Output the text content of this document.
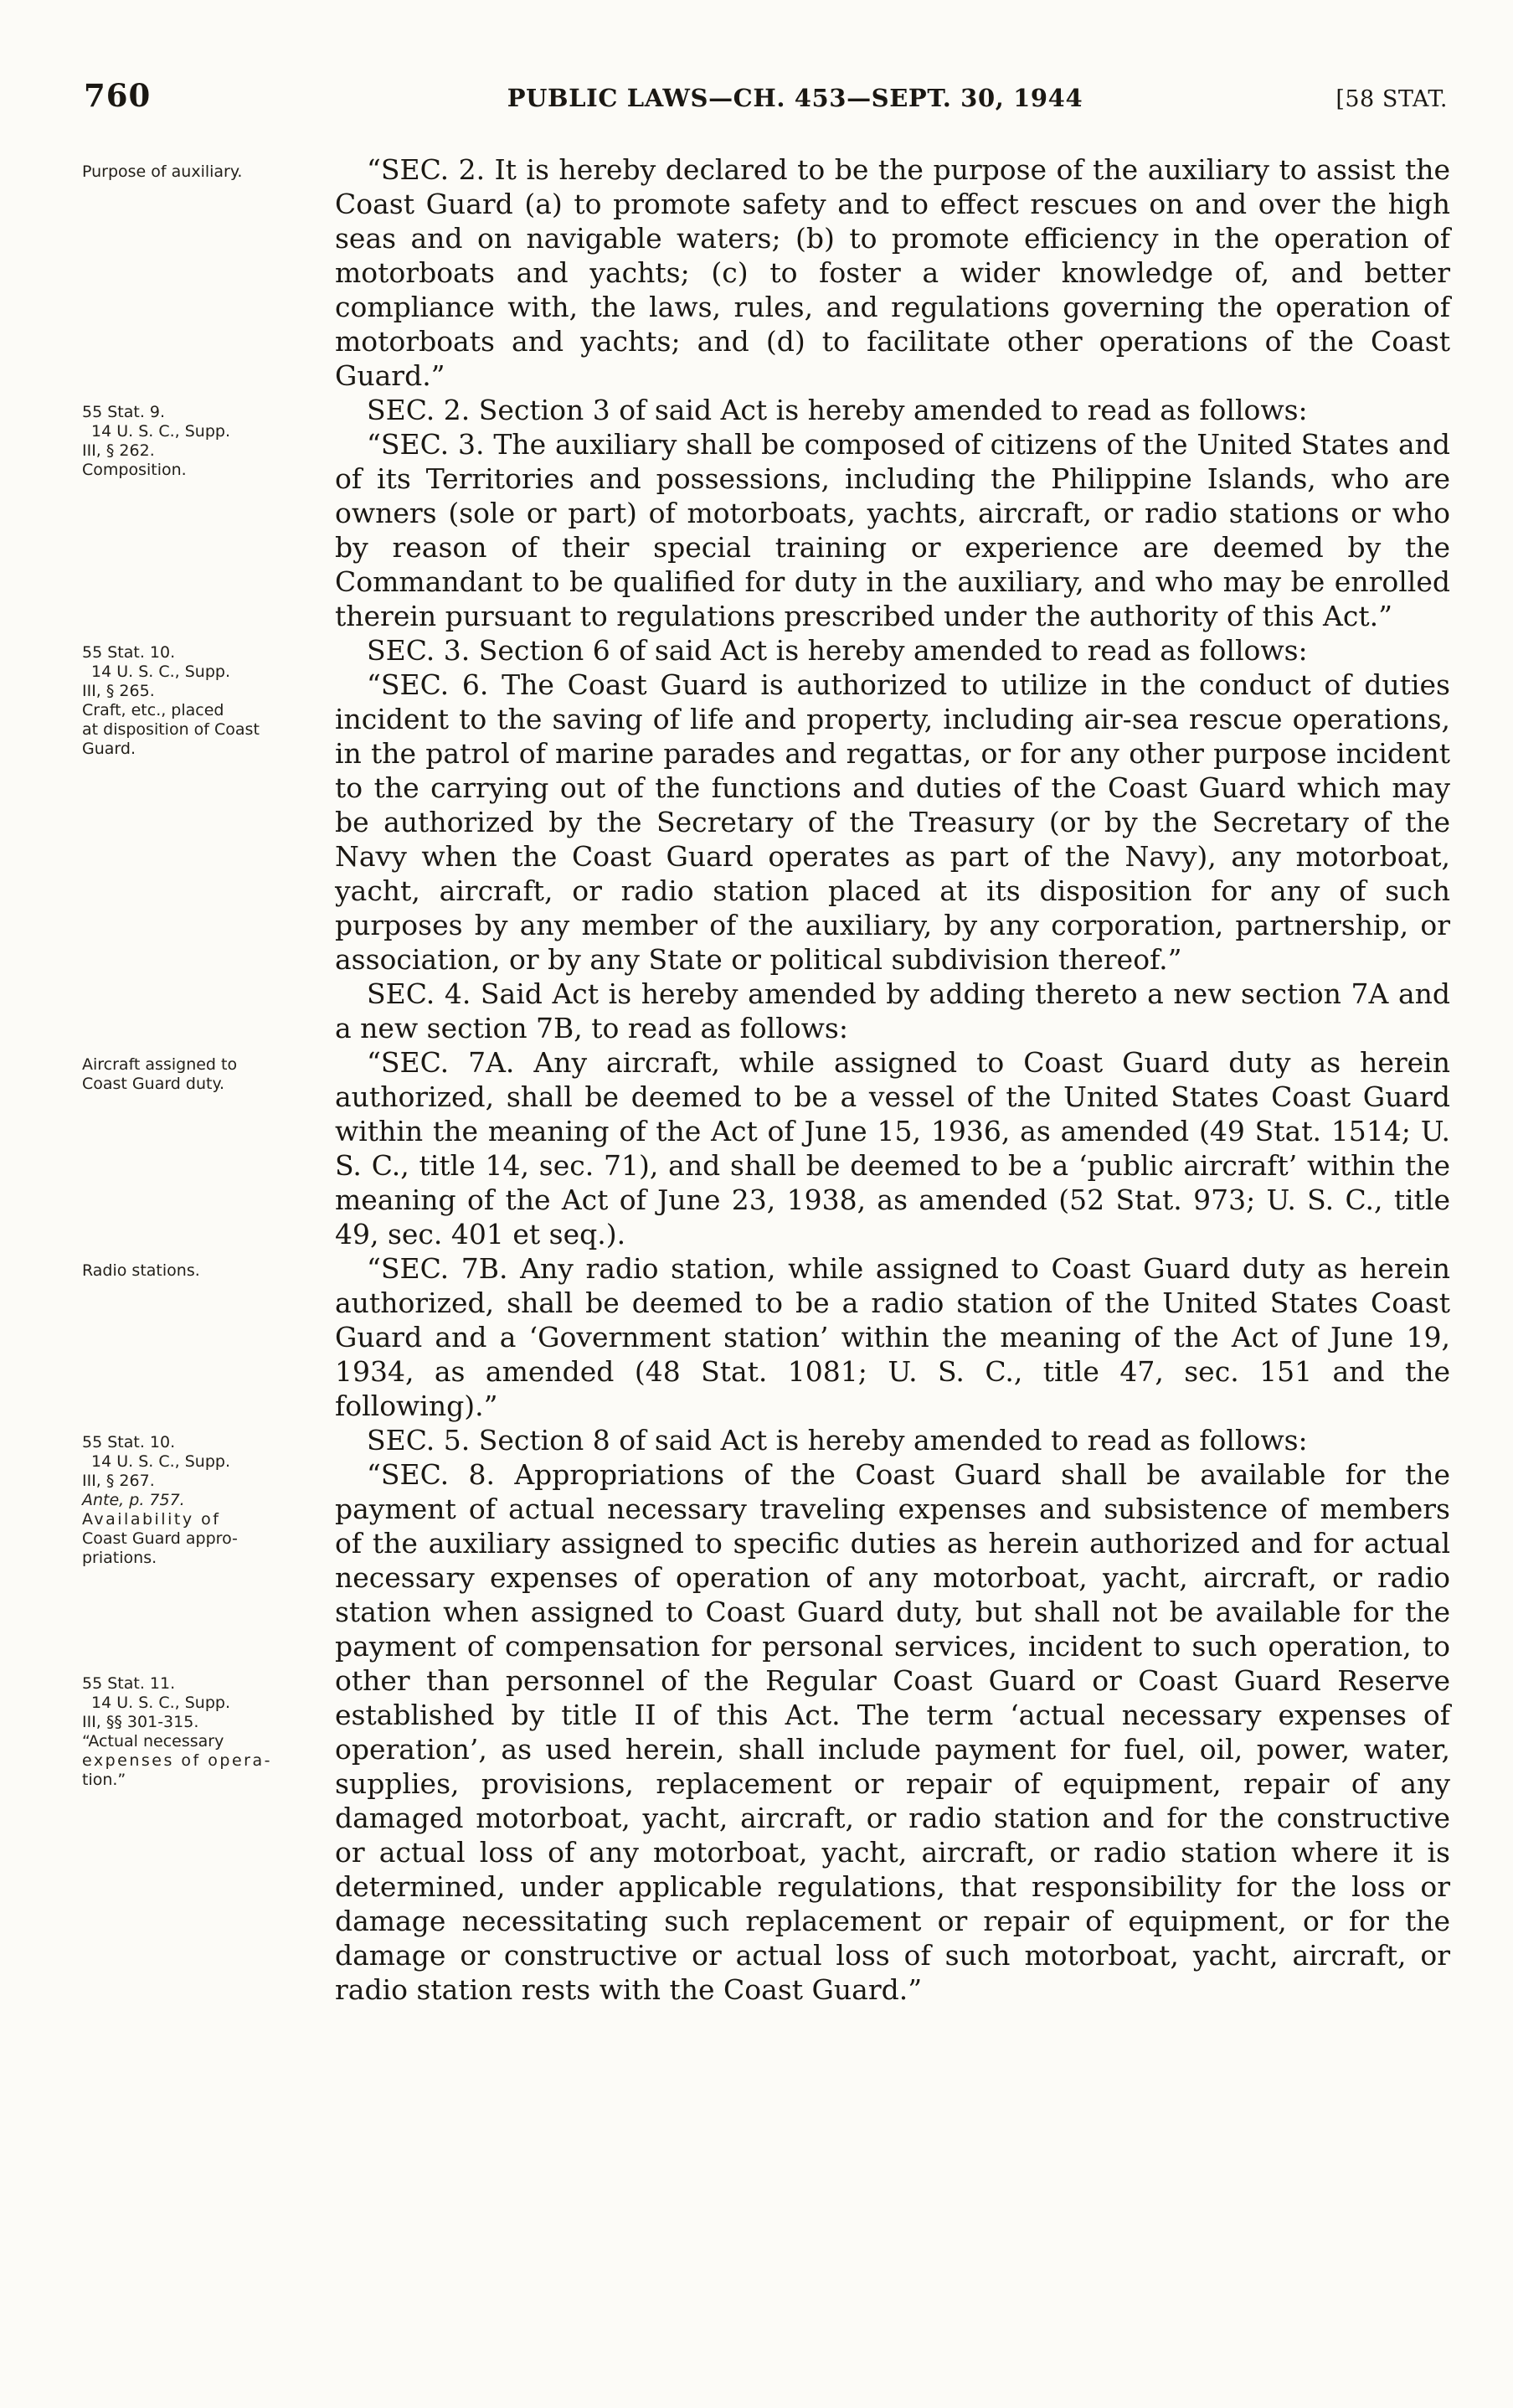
760	PUBLIC LAWS—CH. 453—SEPT. 30, 1944	[58 STAT.
Purpose of auxiliary.	“SEC. 2. It is hereby declared to be the purpose of the auxiliary to assist the Coast Guard (a) to promote safety and to effect rescues on and over the high seas and on navigable waters; (b) to promote efficiency in the operation of motorboats and yachts; (c) to foster a wider knowledge of, and better compliance with, the laws, rules, and regulations governing the operation of motorboats and yachts; and (d) to facilitate other operations of the Coast Guard.”

55 Stat. 9.
14 U. S. C., Supp.
III, § 262.
Composition.

SEC. 2. Section 3 of said Act is hereby amended to read as follows:

“SEC. 3. The auxiliary shall be composed of citizens of the United States and of its Territories and possessions, including the Philippine Islands, who are owners (sole or part) of motorboats, yachts, aircraft, or radio stations or who by reason of their special training or experience are deemed by the Commandant to be qualified for duty in the auxiliary, and who may be enrolled therein pursuant to regulations prescribed under the authority of this Act.”

55 Stat. 10.
14 U. S. C., Supp.
III, § 265.
Craft, etc., placed
at disposition of Coast
Guard.

SEC. 3. Section 6 of said Act is hereby amended to read as follows:

“SEC. 6. The Coast Guard is authorized to utilize in the conduct of duties incident to the saving of life and property, including air-sea rescue operations, in the patrol of marine parades and regattas, or for any other purpose incident to the carrying out of the functions and duties of the Coast Guard which may be authorized by the Secretary of the Treasury (or by the Secretary of the Navy when the Coast Guard operates as part of the Navy), any motorboat, yacht, aircraft, or radio station placed at its disposition for any of such purposes by any member of the auxiliary, by any corporation, partnership, or association, or by any State or political subdivision thereof.”

SEC. 4. Said Act is hereby amended by adding thereto a new section 7A and a new section 7B, to read as follows:

Aircraft assigned to
Coast Guard duty.

“SEC. 7A. Any aircraft, while assigned to Coast Guard duty as herein authorized, shall be deemed to be a vessel of the United States Coast Guard within the meaning of the Act of June 15, 1936, as amended (49 Stat. 1514; U. S. C., title 14, sec. 71), and shall be deemed to be a ‘public aircraft’ within the meaning of the Act of June 23, 1938, as amended (52 Stat. 973; U. S. C., title 49, sec. 401 et seq.).

Radio stations.	“SEC. 7B. Any radio station, while assigned to Coast Guard duty as herein authorized, shall be deemed to be a radio station of the United States Coast Guard and a ‘Government station’ within the meaning of the Act of June 19, 1934, as amended (48 Stat. 1081; U. S. C., title 47, sec. 151 and the following).”

55 Stat. 10.
14 U. S. C., Supp.
III, § 267.
Ante, p. 757.
Availability of
Coast Guard appro-
priations.
55 Stat. 11.
14 U. S. C., Supp.
III, §§ 301-315.
“Actual necessary
expenses of opera-
tion.”

SEC. 5. Section 8 of said Act is hereby amended to read as follows:

“SEC. 8. Appropriations of the Coast Guard shall be available for the payment of actual necessary traveling expenses and subsistence of members of the auxiliary assigned to specific duties as herein authorized and for actual necessary expenses of operation of any motorboat, yacht, aircraft, or radio station when assigned to Coast Guard duty, but shall not be available for the payment of compensation for personal services, incident to such operation, to other than personnel of the Regular Coast Guard or Coast Guard Reserve established by title II of this Act. The term ‘actual necessary expenses of operation’, as used herein, shall include payment for fuel, oil, power, water, supplies, provisions, replacement or repair of equipment, repair of any damaged motorboat, yacht, aircraft, or radio station and for the constructive or actual loss of any motorboat, yacht, aircraft, or radio station where it is determined, under applicable regulations, that responsibility for the loss or damage necessitating such replacement or repair of equipment, or for the damage or constructive or actual loss of such motorboat, yacht, aircraft, or radio station rests with the Coast Guard.”
